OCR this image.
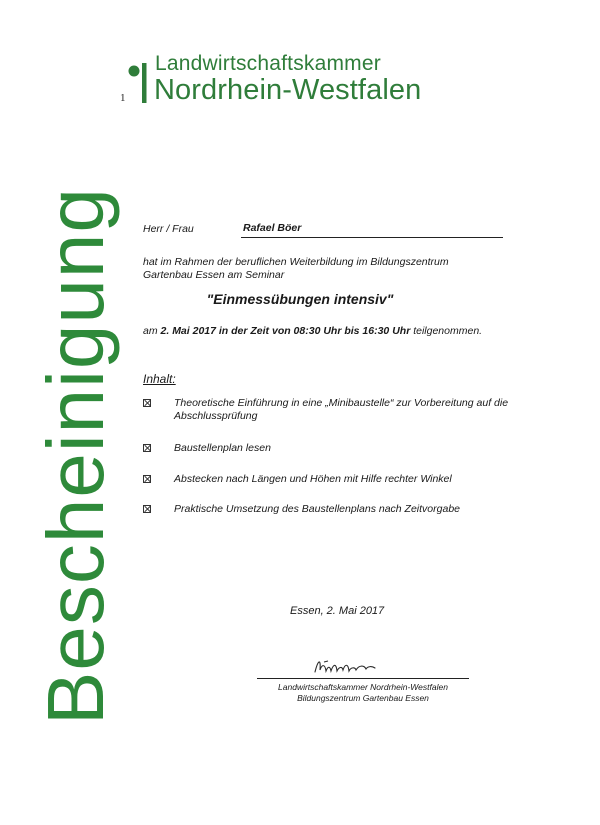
1
Landwirtschaftskammer
Nordrhein-Westfalen
Bescheinigung Herr / Frau	Rafael Böer
hat im Rahmen der beruflichen Weiterbildung im Bildungszentrum Gartenbau Essen am Seminar
"Einmessübungen intensiv"
am 2. Mai 2017 in der Zeit von 08:30 Uhr bis 16:30 Uhr teilgenommen.
Inhalt:
Theoretische Einführung in eine „Minibaustelle“ zur Vorbereitung auf die Abschlussprüfung
Baustellenplan lesen
Abstecken nach Längen und Höhen mit Hilfe rechter Winkel
Praktische Umsetzung des Baustellenplans nach Zeitvorgabe
Essen, 2. Mai 2017
Landwirtschaftskammer Nordrhein-Westfalen
Bildungszentrum Gartenbau Essen
